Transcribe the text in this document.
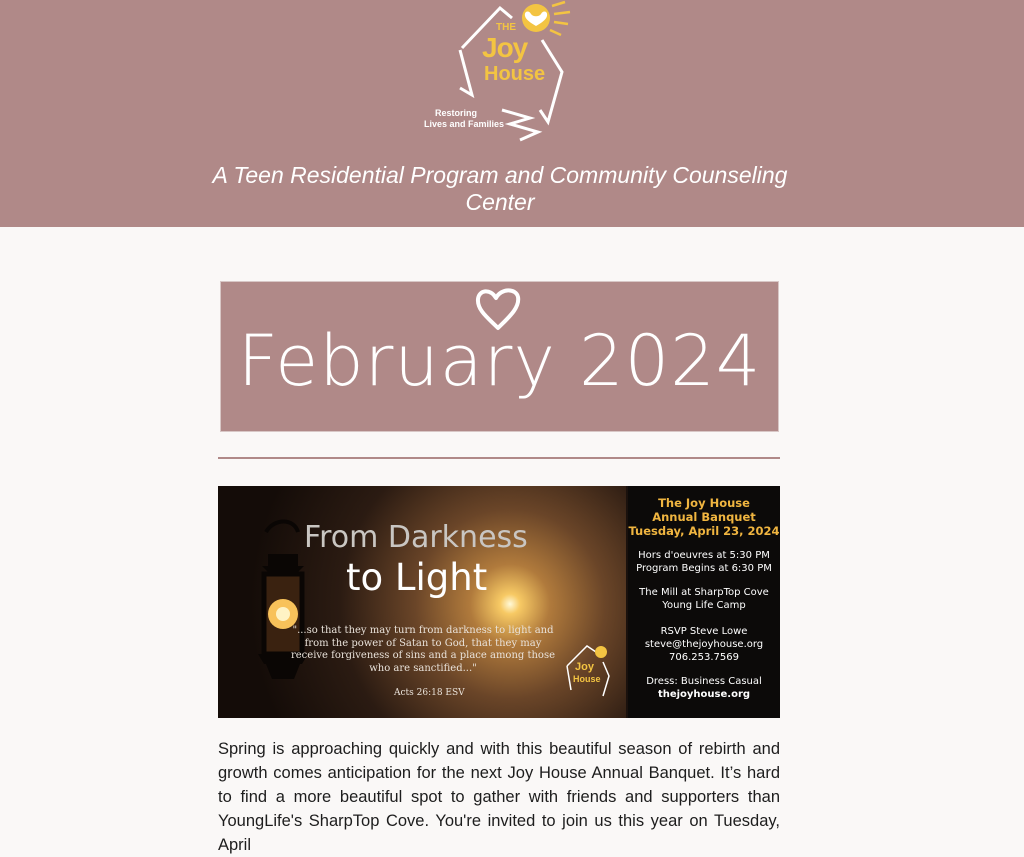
THE
Joy
House
Restoring
Lives and Families
A Teen Residential Program and Community Counseling Center
February 2024
From Darkness
to Light
"...so that they may turn from darkness to light and from the power of Satan to God, that they may receive forgiveness of sins and a place among those who are sanctified..."
Acts 26:18 ESV
Joy
House
The Joy House
Annual Banquet
Tuesday, April 23, 2024
Hors d'oeuvres at 5:30 PM
Program Begins at 6:30 PM
The Mill at SharpTop Cove
Young Life Camp
RSVP Steve Lowe
steve@thejoyhouse.org
706.253.7569
Dress: Business Casual
thejoyhouse.org
Spring is approaching quickly and with this beautiful season of rebirth and growth comes anticipation for the next Joy House Annual Banquet. It’s hard to find a more beautiful spot to gather with friends and supporters than YoungLife's SharpTop Cove. You're invited to join us this year on Tuesday, April
